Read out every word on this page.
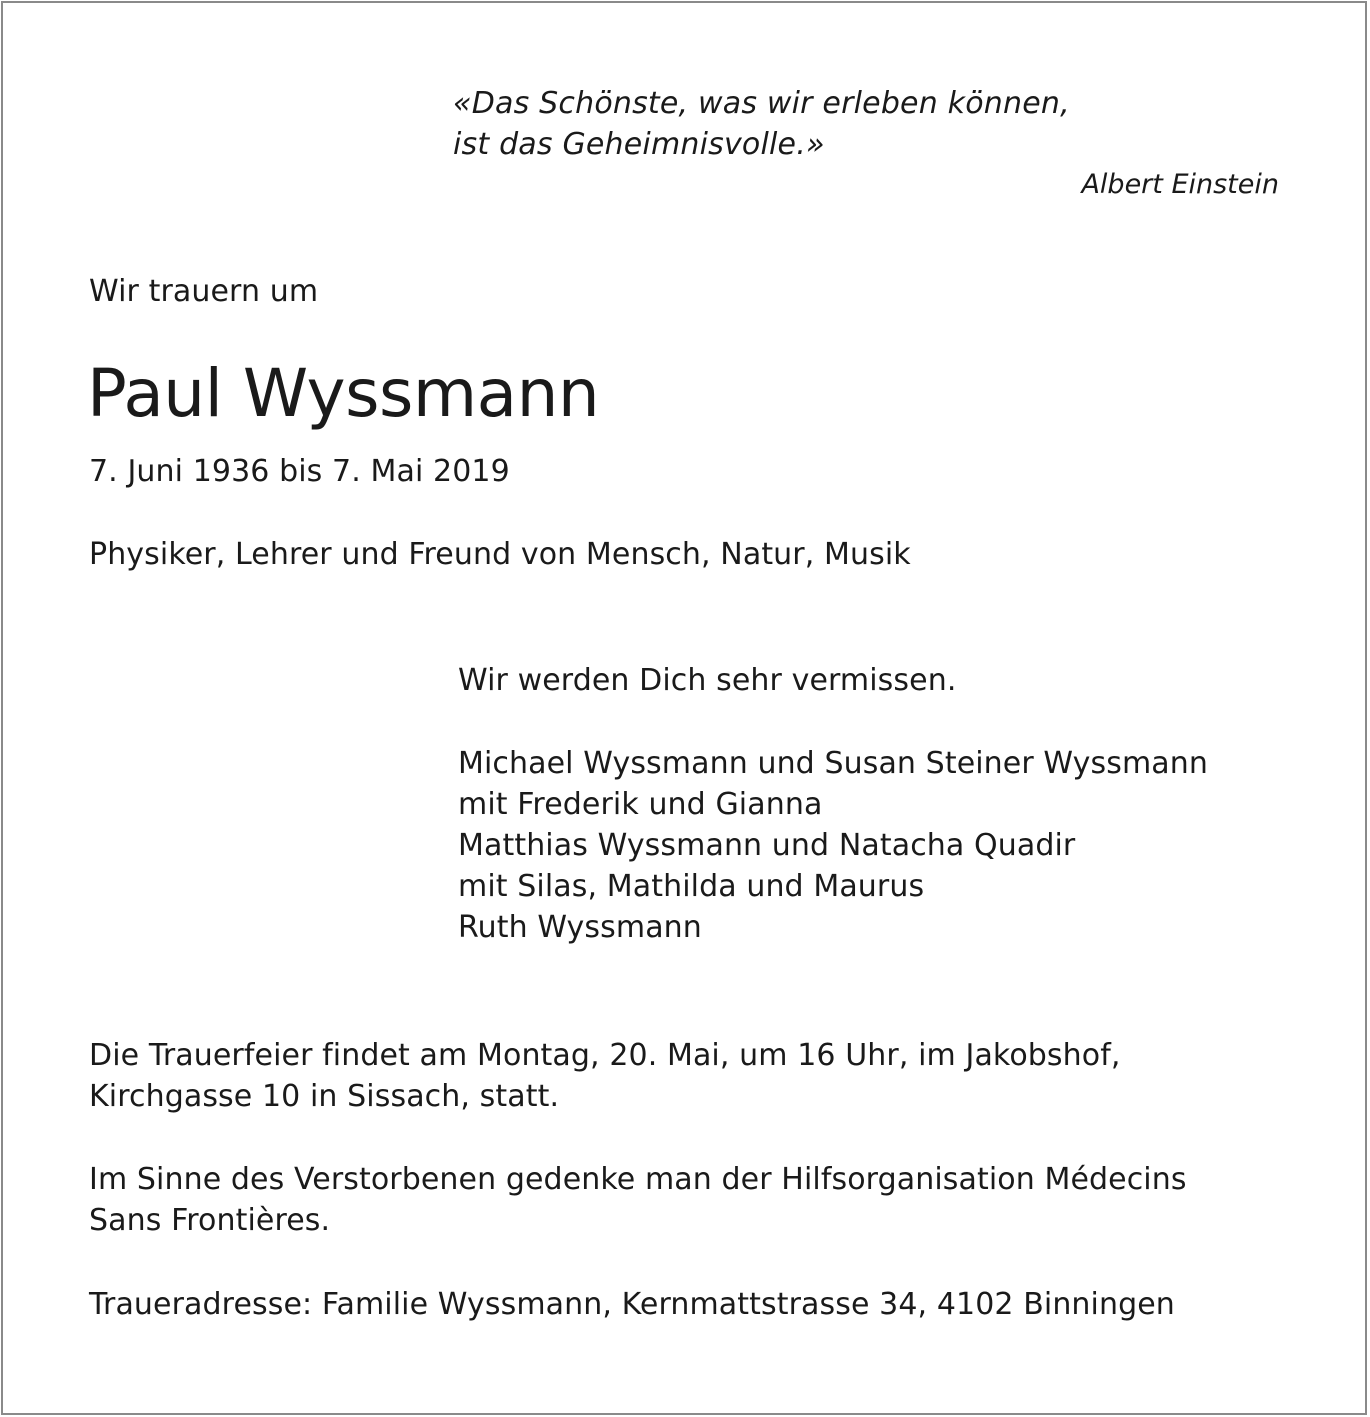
«Das Schönste, was wir erleben können,

ist das Geheimnisvolle.»

Albert Einstein
Wir trauern um
Paul Wyssmann
7. Juni 1936 bis 7. Mai 2019
Physiker, Lehrer und Freund von Mensch, Natur, Musik
Wir werden Dich sehr vermissen.

Michael Wyssmann und Susan Steiner Wyssmann

mit Frederik und Gianna

Matthias Wyssmann und Natacha Quadir

mit Silas, Mathilda und Maurus

Ruth Wyssmann

Die Trauerfeier findet am Montag, 20. Mai, um 16 Uhr, im Jakobshof,

Kirchgasse 10 in Sissach, statt.

Im Sinne des Verstorbenen gedenke man der Hilfsorganisation Médecins

Sans Frontières.

Traueradresse: Familie Wyssmann, Kernmattstrasse 34, 4102 Binningen
